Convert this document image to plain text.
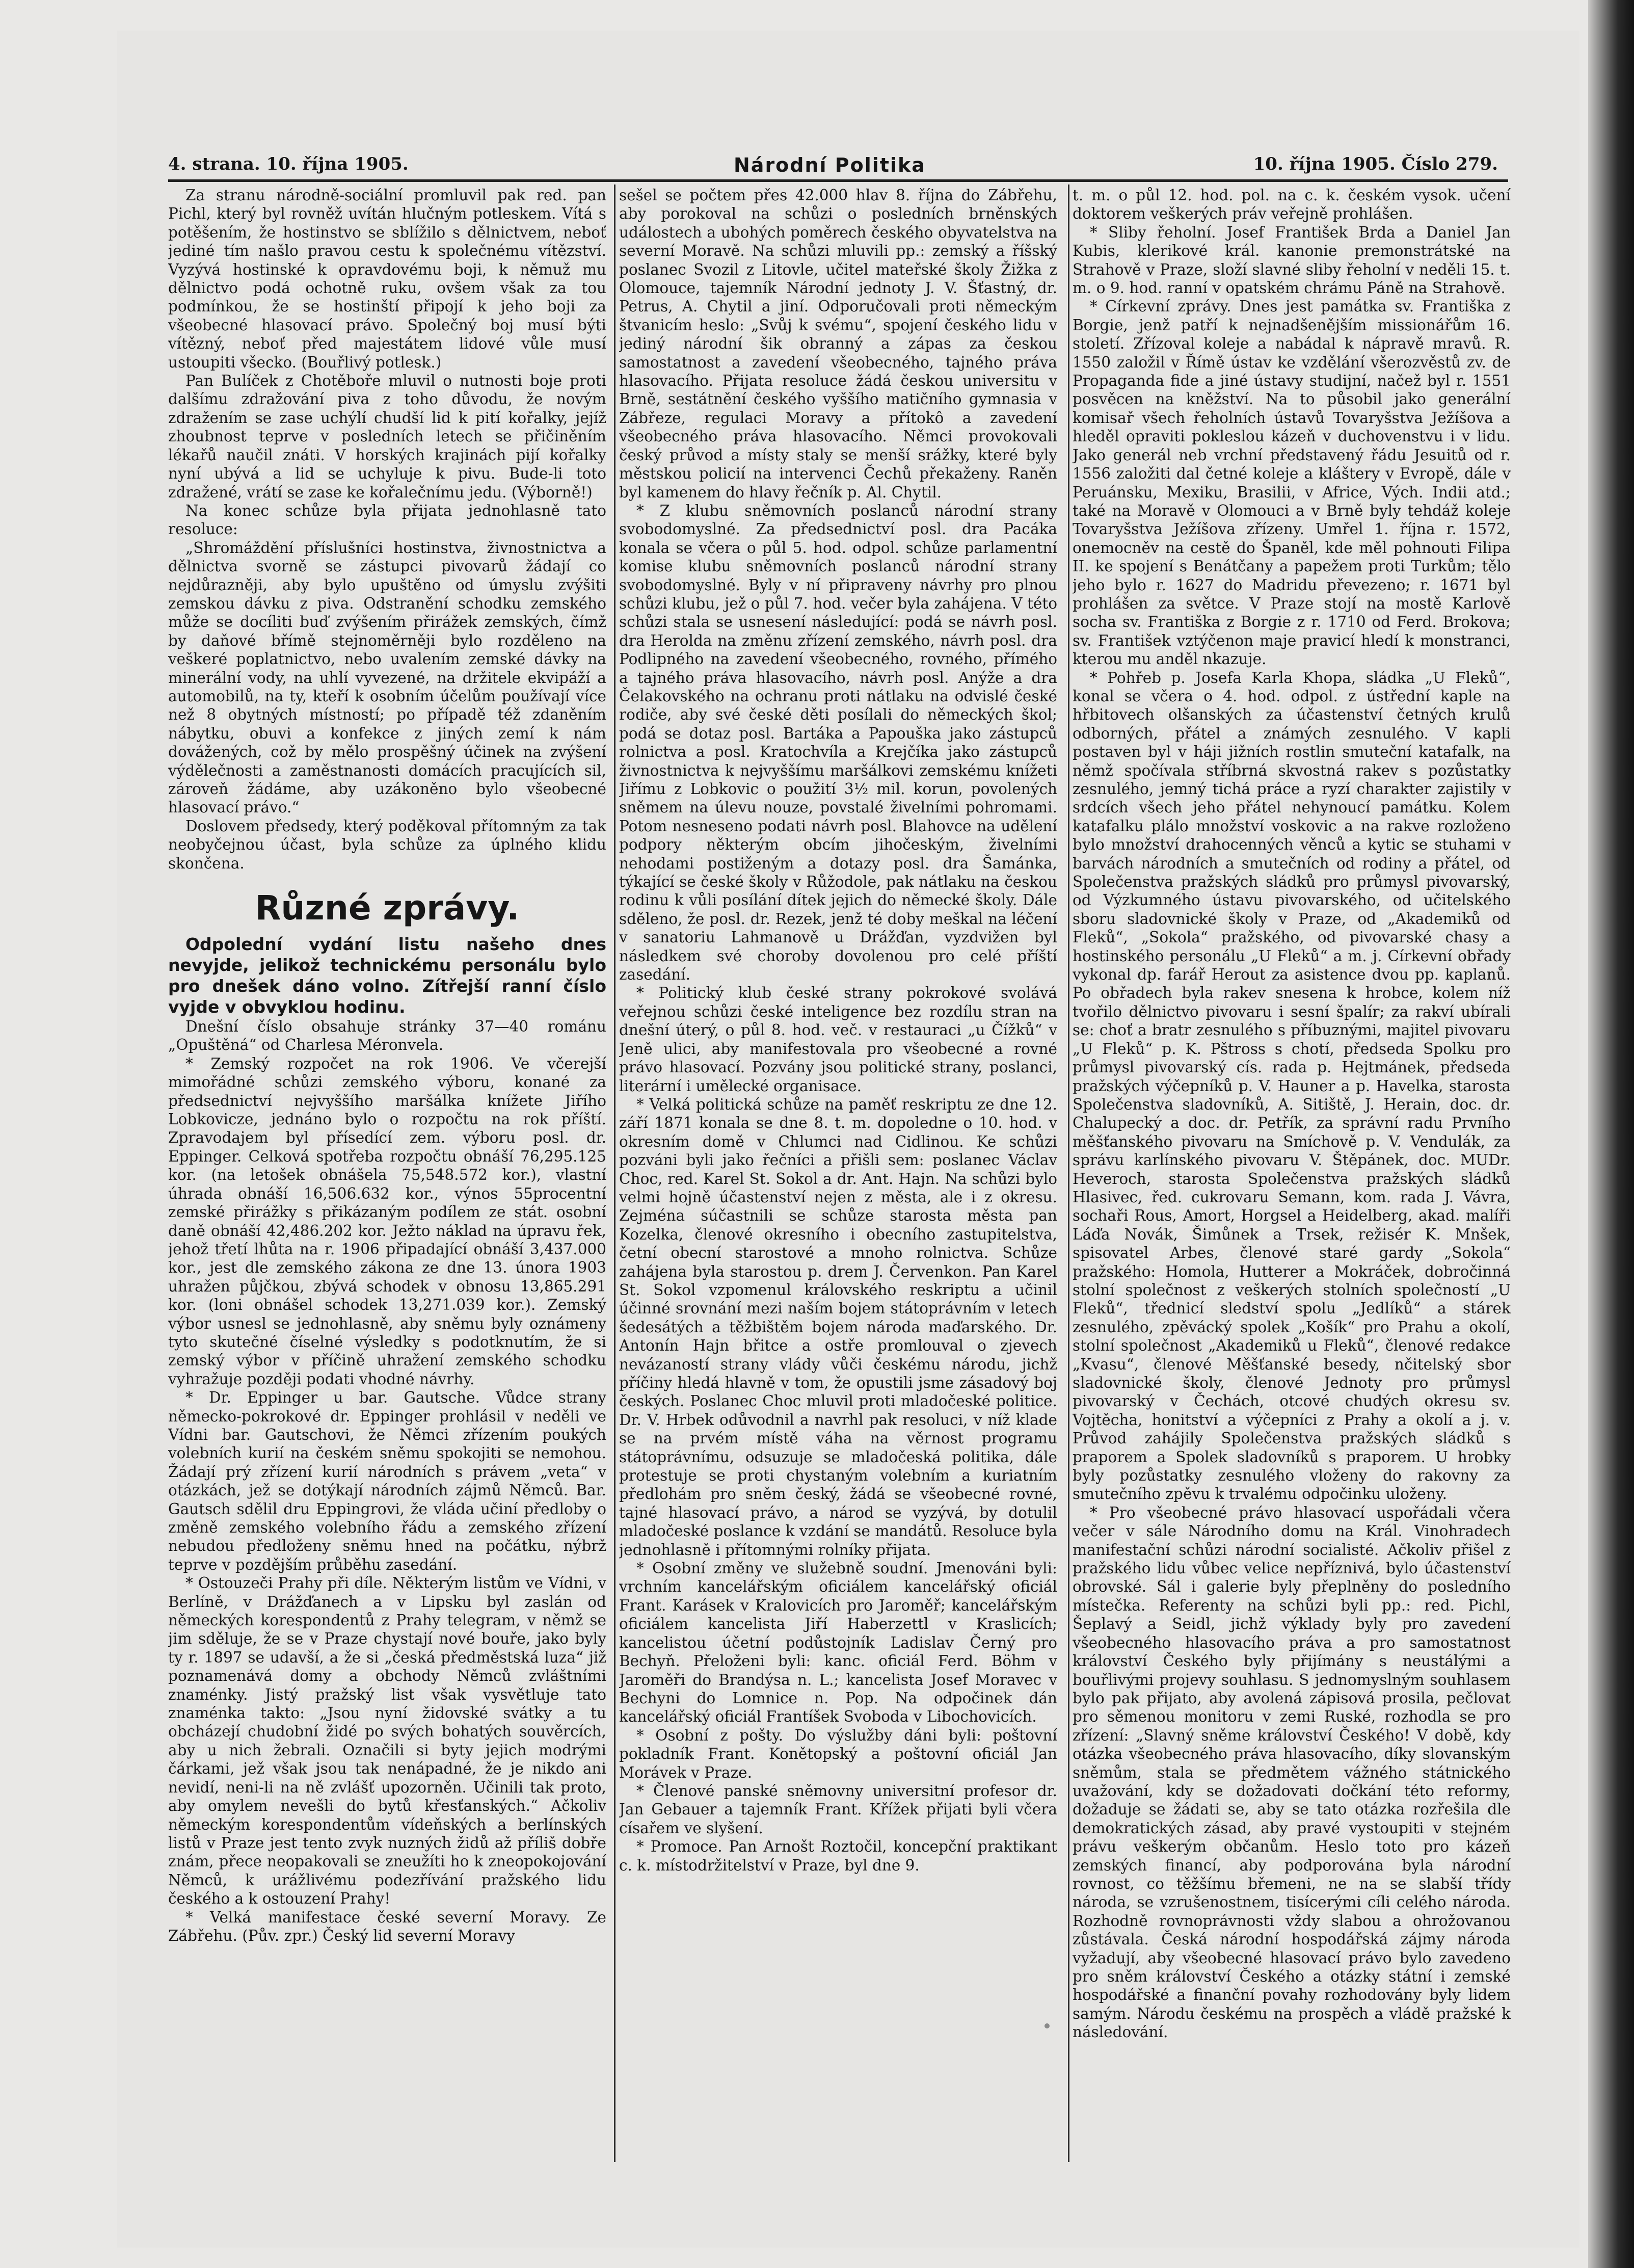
4. strana. 10. října 1905.	Národní Politika	10. října 1905. Číslo 279.

Za stranu národně-sociální promluvil pak red. pan Pichl, který byl rovněž uvítán hlučným potleskem. Vítá s potěšením, že hostinstvo se sblížilo s dělnictvem, neboť jediné tím našlo pravou cestu k společnému vítězství. Vyzývá hostinské k opravdovému boji, k němuž mu dělnictvo podá ochotně ruku, ovšem však za tou podmínkou, že se hostinští připojí k jeho boji za všeobecné hlasovací právo. Společný boj musí býti vítězný, neboť před majestátem lidové vůle musí ustoupiti všecko. (Bouřlivý potlesk.)

Pan Bulíček z Chotěboře mluvil o nutnosti boje proti dalšímu zdražování piva z toho důvodu, že novým zdražením se zase uchýlí chudší lid k pití kořalky, jejíž zhoubnost teprve v posledních letech se přičiněním lékařů naučil znáti. V horských krajinách pijí kořalky nyní ubývá a lid se uchyluje k pivu. Bude-li toto zdražené, vrátí se zase ke kořalečnímu jedu. (Výborně!)

Na konec schůze byla přijata jednohlasně tato resoluce:

„Shromáždění příslušníci hostinstva, živnostnictva a dělnictva svorně se zástupci pivovarů žádají co nejdůrazněji, aby bylo upuštěno od úmyslu zvýšiti zemskou dávku z piva. Odstranění schodku zemského může se docíliti buď zvýšením přirážek zemských, čímž by daňové břímě stejnoměrněji bylo rozděleno na veškeré poplatnictvo, nebo uvalením zemské dávky na minerální vody, na uhlí vyvezené, na držitele ekvipáží a automobilů, na ty, kteří k osobním účelům používají více než 8 obytných místností; po případě též zdaněním nábytku, obuvi a konfekce z jiných zemí k nám dovážených, což by mělo prospěšný účinek na zvýšení výdělečnosti a zaměstnanosti domácích pracujících sil, zároveň žádáme, aby uzákoněno bylo všeobecné hlasovací právo.“

Doslovem předsedy, který poděkoval přítomným za tak neobyčejnou účast, byla schůze za úplného klidu skončena.

Různé zprávy.

Odpolední vydání listu našeho dnes nevyjde, jelikož technickému personálu bylo pro dnešek dáno volno. Zítřejší ranní číslo vyjde v obvyklou hodinu.

Dnešní číslo obsahuje stránky 37—40 románu „Opuštěná“ od Charlesa Méronvela.

* Zemský rozpočet na rok 1906. Ve včerejší mimořádné schůzi zemského výboru, konané za předsednictví nejvyššího maršálka knížete Jiřího Lobkovicze, jednáno bylo o rozpočtu na rok příští. Zpravodajem byl přísedící zem. výboru posl. dr. Eppinger. Celková spotřeba rozpočtu obnáší 76,295.125 kor. (na letošek obnášela 75,548.572 kor.), vlastní úhrada obnáší 16,506.632 kor., výnos 55procentní zemské přirážky s přikázaným podílem ze stát. osobní daně obnáší 42,486.202 kor. Ježto náklad na úpravu řek, jehož třetí lhůta na r. 1906 připadající obnáší 3,437.000 kor., jest dle zemského zákona ze dne 13. února 1903 uhražen půjčkou, zbývá schodek v obnosu 13,865.291 kor. (loni obnášel schodek 13,271.039 kor.). Zemský výbor usnesl se jednohlasně, aby sněmu byly oznámeny tyto skutečné číselné výsledky s podotknutím, že si zemský výbor v příčině uhražení zemského schodku vyhražuje později podati vhodné návrhy.

* Dr. Eppinger u bar. Gautsche. Vůdce strany německo-pokrokové dr. Eppinger prohlásil v neděli ve Vídni bar. Gautschovi, že Němci zřízením poukých volebních kurií na českém sněmu spokojiti se nemohou. Žádají prý zřízení kurií národních s právem „veta“ v otázkách, jež se dotýkají národních zájmů Němců. Bar. Gautsch sdělil dru Eppingrovi, že vláda učiní předloby o změně zemského volebního řádu a zemského zřízení nebudou předloženy sněmu hned na počátku, nýbrž teprve v pozdějším průběhu zasedání.

* Ostouzeči Prahy při díle. Některým listům ve Vídni, v Berlíně, v Drážďanech a v Lipsku byl zaslán od německých korespondentů z Prahy telegram, v němž se jim sděluje, že se v Praze chystají nové bouře, jako byly ty r. 1897 se udavší, a že si „česká předměstská luza“ již poznamenává domy a obchody Němců zvláštními znaménky. Jistý pražský list však vysvětluje tato znaménka takto: „Jsou nyní židovské svátky a tu obcházejí chudobní židé po svých bohatých souvěrcích, aby u nich žebrali. Označili si byty jejich modrými čárkami, jež však jsou tak nenápadné, že je nikdo ani nevidí, neni-li na ně zvlášť upozorněn. Učinili tak proto, aby omylem nevešli do bytů křesťanských.“ Ačkoliv německým korespondentům vídeňských a berlínských listů v Praze jest tento zvyk nuzných židů až příliš dobře znám, přece neopakovali se zneužíti ho k zneopokojování Němců, k urážlivému podezřívání pražského lidu českého a k ostouzení Prahy!

* Velká manifestace české severní Moravy. Ze Zábřehu. (Pův. zpr.) Český lid severní Moravy

sešel se počtem přes 42.000 hlav 8. října do Zábřehu, aby porokoval na schůzi o posledních brněnských událostech a ubohých poměrech českého obyvatelstva na severní Moravě. Na schůzi mluvili pp.: zemský a říšský poslanec Svozil z Litovle, učitel mateřské školy Žižka z Olomouce, tajemník Národní jednoty J. V. Šťastný, dr. Petrus, A. Chytil a jiní. Odporučovali proti německým štvanicím heslo: „Svůj k svému“, spojení českého lidu v jediný národní šik obranný a zápas za českou samostatnost a zavedení všeobecného, tajného práva hlasovacího. Přijata resoluce žádá českou universitu v Brně, sestátnění českého vyššího matičního gymnasia v Zábřeze, regulaci Moravy a přítokô a zavedení všeobecného práva hlasovacího. Němci provokovali český průvod a místy staly se menší srážky, které byly městskou policií na intervenci Čechů překaženy. Raněn byl kamenem do hlavy řečník p. Al. Chytil.

* Z klubu sněmovních poslanců národní strany svobodomyslné. Za předsednictví posl. dra Pacáka konala se včera o půl 5. hod. odpol. schůze parlamentní komise klubu sněmovních poslanců národní strany svobodomyslné. Byly v ní připraveny návrhy pro plnou schůzi klubu, jež o půl 7. hod. večer byla zahájena. V této schůzi stala se usnesení následující: podá se návrh posl. dra Herolda na změnu zřízení zemského, návrh posl. dra Podlipného na zavedení všeobecného, rovného, přímého a tajného práva hlasovacího, návrh posl. Anýže a dra Čelakovského na ochranu proti nátlaku na odvislé české rodiče, aby své české děti posílali do německých škol; podá se dotaz posl. Bartáka a Papouška jako zástupců rolnictva a posl. Kratochvíla a Krejčíka jako zástupců živnostnictva k nejvyššímu maršálkovi zemskému knížeti Jiřímu z Lobkovic o použití 3½ mil. korun, povolených sněmem na úlevu nouze, povstalé živelními pohromami. Potom nesneseno podati návrh posl. Blahovce na udělení podpory některým obcím jihočeským, živelními nehodami postiženým a dotazy posl. dra Šamánka, týkající se české školy v Růžodole, pak nátlaku na českou rodinu k vůli posílání dítek jejich do německé školy. Dále sděleno, že posl. dr. Rezek, jenž té doby meškal na léčení v sanatoriu Lahmanově u Drážďan, vyzdvižen byl následkem své choroby dovolenou pro celé příští zasedání.

* Politický klub české strany pokrokové svolává veřejnou schůzi české inteligence bez rozdílu stran na dnešní úterý, o půl 8. hod. več. v restauraci „u Čížků“ v Jeně ulici, aby manifestovala pro všeobecné a rovné právo hlasovací. Pozvány jsou politické strany, poslanci, literární i umělecké organisace.

* Velká politická schůze na paměť reskriptu ze dne 12. září 1871 konala se dne 8. t. m. dopoledne o 10. hod. v okresním domě v Chlumci nad Cidlinou. Ke schůzi pozváni byli jako řečníci a přišli sem: poslanec Václav Choc, red. Karel St. Sokol a dr. Ant. Hajn. Na schůzi bylo velmi hojně účastenství nejen z města, ale i z okresu. Zejména súčastnili se schůze starosta města pan Kozelka, členové okresního i obecního zastupitelstva, četní obecní starostové a mnoho rolnictva. Schůze zahájena byla starostou p. drem J. Červenkon. Pan Karel St. Sokol vzpomenul královského reskriptu a učinil účinné srovnání mezi naším bojem státoprávním v letech šedesátých a těžbištěm bojem národa maďarského. Dr. Antonín Hajn břitce a ostře promlouval o zjevech nevázaností strany vlády vůči českému národu, jichž příčiny hledá hlavně v tom, že opustili jsme zásadový boj českých. Poslanec Choc mluvil proti mladočeské politice. Dr. V. Hrbek odůvodnil a navrhl pak resoluci, v níž klade se na prvém místě váha na věrnost programu státoprávnímu, odsuzuje se mladočeská politika, dále protestuje se proti chystaným volebním a kuriatním předlohám pro sněm český, žádá se všeobecné rovné, tajné hlasovací právo, a národ se vyzývá, by dotulil mladočeské poslance k vzdání se mandátů. Resoluce byla jednohlasně i přítomnými rolníky přijata.

* Osobní změny ve služebně soudní. Jmenováni byli: vrchním kancelářským oficiálem kancelářský oficiál Frant. Karásek v Kralovicích pro Jaroměř; kancelářským oficiálem kancelista Jiří Haberzettl v Kraslicích; kancelistou účetní podůstojník Ladislav Černý pro Bechyň. Přeloženi byli: kanc. oficiál Ferd. Böhm v Jaroměři do Brandýsa n. L.; kancelista Josef Moravec v Bechyni do Lomnice n. Pop. Na odpočinek dán kancelářský oficiál Frantíšek Svoboda v Libochovicích.

* Osobní z pošty. Do výslužby dáni byli: poštovní pokladník Frant. Konětopský a poštovní oficiál Jan Morávek v Praze.

* Členové panské sněmovny universitní profesor dr. Jan Gebauer a tajemník Frant. Křížek přijati byli včera císařem ve slyšení.

* Promoce. Pan Arnošt Roztočil, koncepční praktikant c. k. místodržitelství v Praze, byl dne 9.

t. m. o půl 12. hod. pol. na c. k. českém vysok. učení doktorem veškerých práv veřejně prohlášen.

* Sliby řeholní. Josef František Brda a Daniel Jan Kubis, klerikové král. kanonie premonstrátské na Strahově v Praze, složí slavné sliby řeholní v neděli 15. t. m. o 9. hod. ranní v opatském chrámu Páně na Strahově.

* Církevní zprávy. Dnes jest památka sv. Františka z Borgie, jenž patří k nejnadšenějším missionářům 16. století. Zřízoval koleje a nabádal k nápravě mravů. R. 1550 založil v Římě ústav ke vzdělání všerozvěstů zv. de Propaganda fide a jiné ústavy studijní, načež byl r. 1551 posvěcen na kněžství. Na to působil jako generální komisař všech řeholních ústavů Tovaryšstva Ježíšova a hleděl opraviti pokleslou kázeň v duchovenstvu i v lidu. Jako generál neb vrchní představený řádu Jesuitů od r. 1556 založiti dal četné koleje a kláštery v Evropě, dále v Peruánsku, Mexiku, Brasilii, v Africe, Vých. Indii atd.; také na Moravě v Olomouci a v Brně byly tehdáž koleje Tovaryšstva Ježíšova zřízeny. Umřel 1. října r. 1572, onemocněv na cestě do Španěl, kde měl pohnouti Filipa II. ke spojení s Benátčany a papežem proti Turkům; tělo jeho bylo r. 1627 do Madridu převezeno; r. 1671 byl prohlášen za světce. V Praze stojí na mostě Karlově socha sv. Františka z Borgie z r. 1710 od Ferd. Brokova; sv. František vztýčenon maje pravicí hledí k monstranci, kterou mu anděl nkazuje.

* Pohřeb p. Josefa Karla Khopa, sládka „U Fleků“, konal se včera o 4. hod. odpol. z ústřední kaple na hřbitovech olšanských za účastenství četných krulů odborných, přátel a známých zesnulého. V kapli postaven byl v háji jižních rostlin smuteční katafalk, na němž spočívala stříbrná skvostná rakev s pozůstatky zesnulého, jemný tichá práce a ryzí charakter zajistily v srdcích všech jeho přátel nehynoucí památku. Kolem katafalku plálo množství voskovic a na rakve rozloženo bylo množství drahocenných věnců a kytic se stuhami v barvách národních a smutečních od rodiny a přátel, od Společenstva pražských sládků pro průmysl pivovarský, od Výzkumného ústavu pivovarského, od učitelského sboru sladovnické školy v Praze, od „Akademiků od Fleků“, „Sokola“ pražského, od pivovarské chasy a hostinského personálu „U Fleků“ a m. j. Církevní obřady vykonal dp. farář Herout za asistence dvou pp. kaplanů. Po obřadech byla rakev snesena k hrobce, kolem níž tvořilo dělnictvo pivovaru i sesní špalír; za rakví ubírali se: choť a bratr zesnulého s příbuznými, majitel pivovaru „U Fleků“ p. K. Pštross s chotí, předseda Spolku pro průmysl pivovarský cís. rada p. Hejtmánek, předseda pražských výčepníků p. V. Hauner a p. Havelka, starosta Společenstva sladovníků, A. Sitiště, J. Herain, doc. dr. Chalupecký a doc. dr. Petřík, za správní radu Prvního měšťanského pivovaru na Smíchově p. V. Vendulák, za správu karlínského pivovaru V. Štěpánek, doc. MUDr. Heveroch, starosta Společenstva pražských sládků Hlasivec, řed. cukrovaru Semann, kom. rada J. Vávra, sochaři Rous, Amort, Horgsel a Heidelberg, akad. malíři Láďa Novák, Šimůnek a Trsek, režisér K. Mnšek, spisovatel Arbes, členové staré gardy „Sokola“ pražského: Homola, Hutterer a Mokráček, dobročinná stolní společnost z veškerých stolních společností „U Fleků“, třednicí sledství spolu „Jedlíků“ a stárek zesnulého, zpěvácký spolek „Košík“ pro Prahu a okolí, stolní společnost „Akademiků u Fleků“, členové redakce „Kvasu“, členové Měšťanské besedy, nčitelský sbor sladovnické školy, členové Jednoty pro průmysl pivovarský v Čechách, otcové chudých okresu sv. Vojtěcha, honitství a výčepníci z Prahy a okolí a j. v. Průvod zahájily Společenstva pražských sládků s praporem a Spolek sladovníků s praporem. U hrobky byly pozůstatky zesnulého vloženy do rakovny za smutečního zpěvu k trvalému odpočinku uloženy.

* Pro všeobecné právo hlasovací uspořádali včera večer v sále Národního domu na Král. Vinohradech manifestační schůzi národní socialisté. Ačkoliv přišel z pražského lidu vůbec velice nepříznivá, bylo účastenství obrovské. Sál i galerie byly přeplněny do posledního místečka. Referenty na schůzi byli pp.: red. Pichl, Šeplavý a Seidl, jichž výklady byly pro zavedení všeobecného hlasovacího práva a pro samostatnost království Českého byly přijímány s neustálými a bouřlivými projevy souhlasu. S jednomyslným souhlasem bylo pak přijato, aby avolená zápisová prosila, pečlovat pro sěmenou monitoru v zemi Ruské, rozhodla se pro zřízení: „Slavný sněme království Českého! V době, kdy otázka všeobecného práva hlasovacího, díky slovanským sněmům, stala se předmětem vážného státnického uvažování, kdy se dožadovati dočkání této reformy, dožaduje se žádati se, aby se tato otázka rozřešila dle demokratických zásad, aby pravé vystoupiti v stejném právu veškerým občanům. Heslo toto pro kázeň zemských financí, aby podporována byla národní rovnost, co těžšímu břemeni, ne na se slabší třídy národa, se vzrušenostnem, tisícerými cíli celého národa. Rozhodně rovnoprávnosti vždy slabou a ohrožovanou zůstávala. Česká národní hospodářská zájmy národa vyžadují, aby všeobecné hlasovací právo bylo zavedeno pro sněm království Českého a otázky státní i zemské hospodářské a finanční povahy rozhodovány byly lidem samým. Národu českému na prospěch a vládě pražské k následování.
